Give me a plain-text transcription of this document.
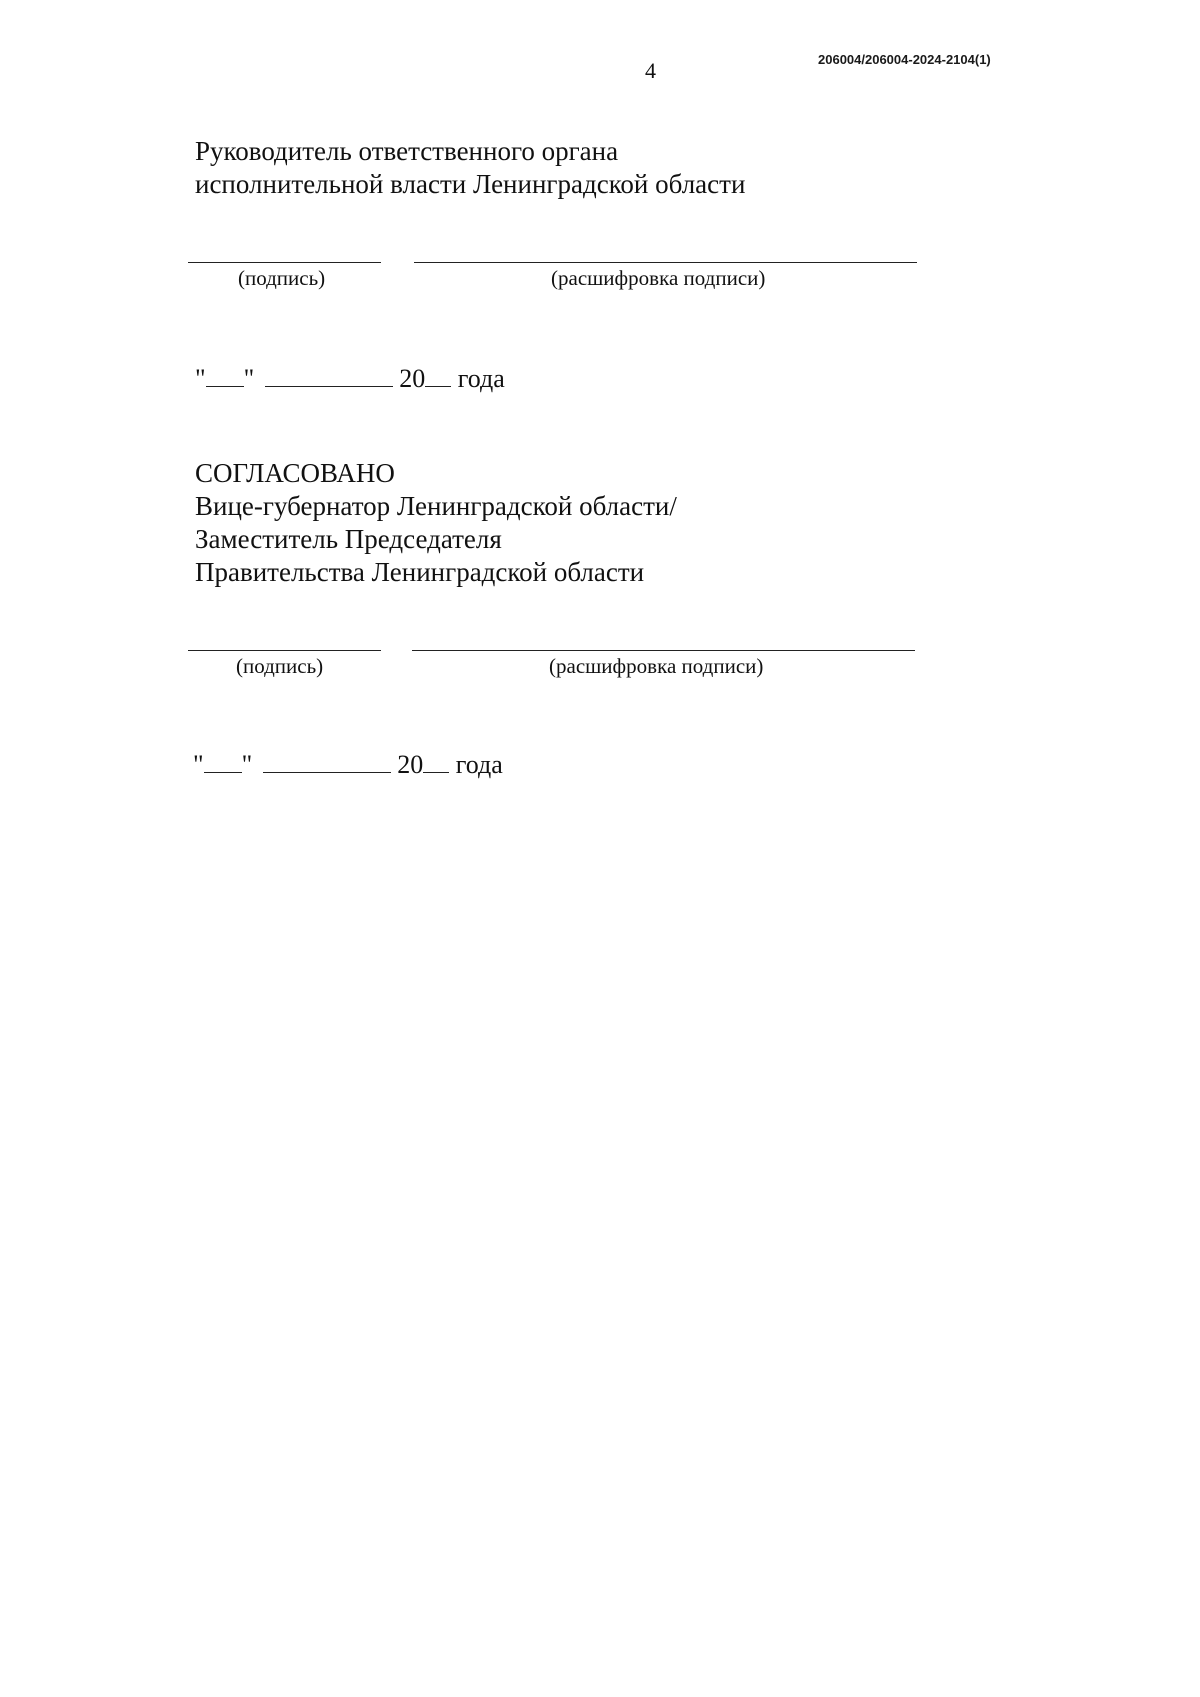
206004/206004-2024-2104(1)
4
Руководитель ответственного органа
исполнительной власти Ленинградской области
(подпись)	(расшифровка подписи)
" "	20 года
СОГЛАСОВАНО
Вице-губернатор Ленинградской области/
Заместитель Председателя
Правительства Ленинградской области
(подпись)	(расшифровка подписи)
" "	20 года
